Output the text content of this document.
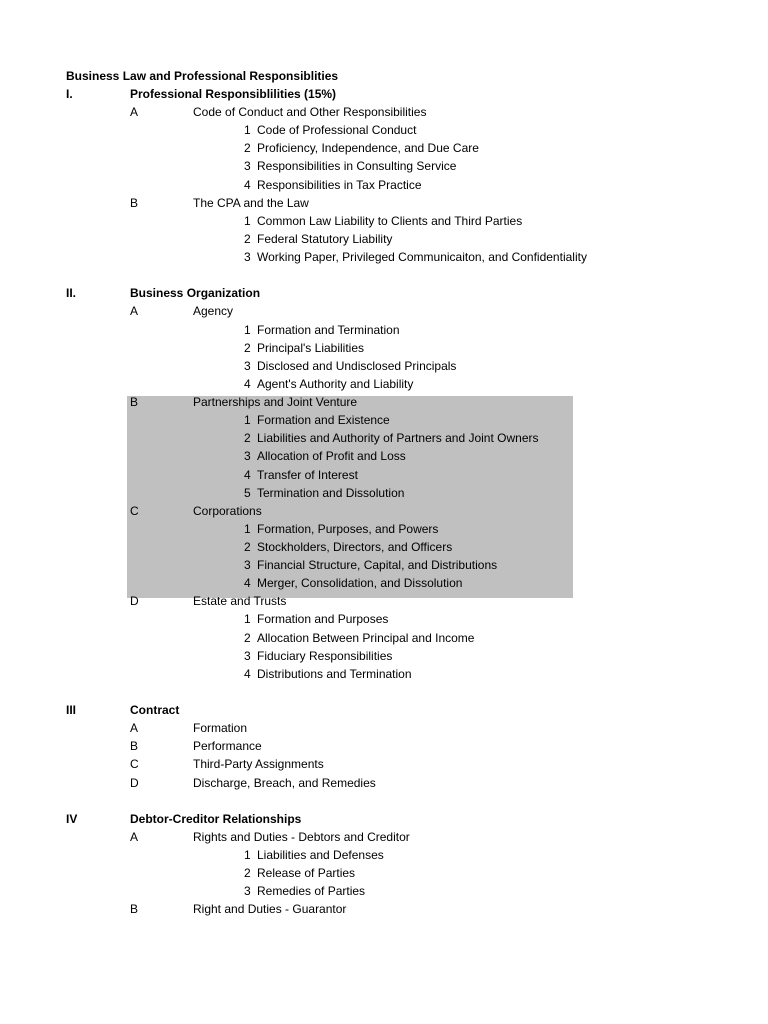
Business Law and Professional Responsiblities
I.	Professional Responsiblilities (15%)
A	Code of Conduct and Other Responsibilities
1 Code of Professional Conduct
2 Proficiency, Independence, and Due Care
3 Responsibilities in Consulting Service
4 Responsibilities in Tax Practice
B	The CPA and the Law
1 Common Law Liability to Clients and Third Parties
2 Federal Statutory Liability
3 Working Paper, Privileged Communicaiton, and Confidentiality
II.	Business Organization
A	Agency
1 Formation and Termination
2 Principal's Liabilities
3 Disclosed and Undisclosed Principals
4 Agent's Authority and Liability
B	Partnerships and Joint Venture
1 Formation and Existence
2 Liabilities and Authority of Partners and Joint Owners
3 Allocation of Profit and Loss
4 Transfer of Interest
5 Termination and Dissolution
C	Corporations
1 Formation, Purposes, and Powers
2 Stockholders, Directors, and Officers
3 Financial Structure, Capital, and Distributions
4 Merger, Consolidation, and Dissolution
D	Estate and Trusts
1 Formation and Purposes
2 Allocation Between Principal and Income
3 Fiduciary Responsibilities
4 Distributions and Termination
III	Contract
A	Formation
B	Performance
C	Third-Party Assignments
D	Discharge, Breach, and Remedies
IV	Debtor-Creditor Relationships
A	Rights and Duties - Debtors and Creditor
1 Liabilities and Defenses
2 Release of Parties
3 Remedies of Parties
B	Right and Duties - Guarantor
